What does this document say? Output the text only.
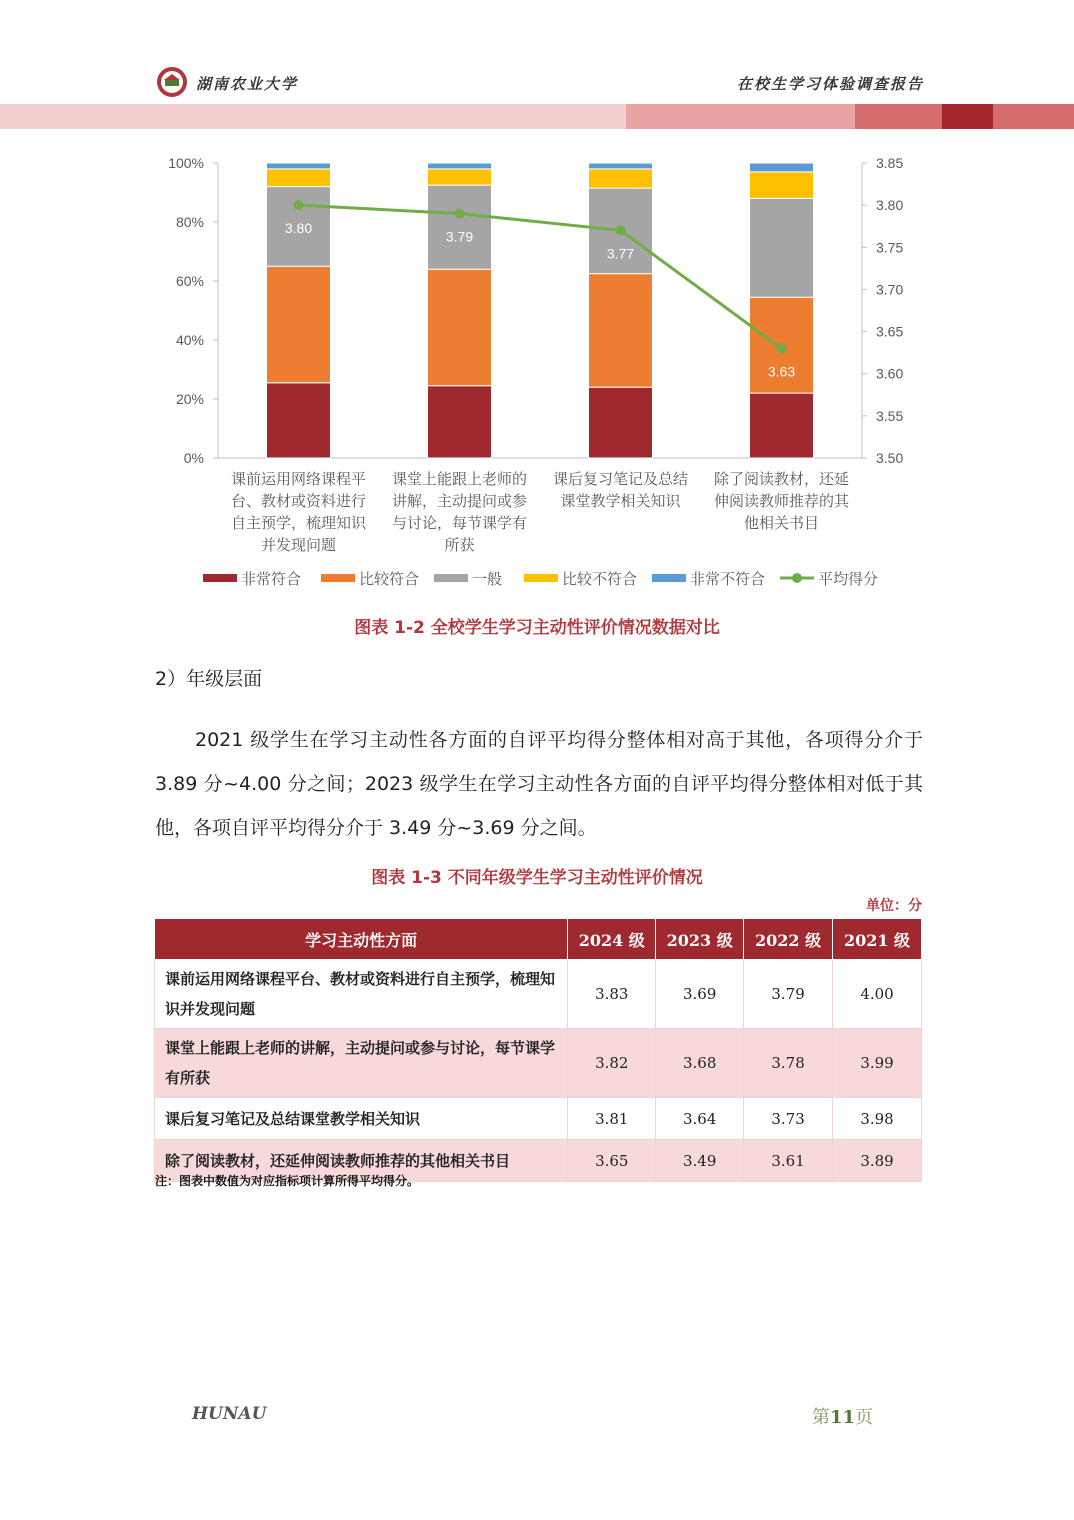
湖南农业大学	在校生学习体验调查报告
0%
20%
40%
60%
80%
100%
3.50
3.55
3.60
3.65
3.70
3.75
3.80
3.85
课前运用网络课程平
台、教材或资料进行
自主预学，梳理知识
并发现问题
课堂上能跟上老师的
讲解，主动提问或参
与讨论，每节课学有
所获
课后复习笔记及总结
课堂教学相关知识
除了阅读教材，还延
伸阅读教师推荐的其
他相关书目
3.80
3.79
3.77
3.63
非常符合	比较符合	一般	比较不符合	非常不符合	平均得分
图表 1-2 全校学生学习主动性评价情况数据对比
2）年级层面
2021 级学生在学习主动性各方面的自评平均得分整体相对高于其他，各项得分介于 3.89 分~4.00 分之间；2023 级学生在学习主动性各方面的自评平均得分整体相对低于其他，各项自评平均得分介于 3.49 分~3.69 分之间。
图表 1-3 不同年级学生学习主动性评价情况
单位：分
学习主动性方面	2024 级	2023 级	2022 级	2021 级
课前运用网络课程平台、教材或资料进行自主预学，梳理知识并发现问题	3.83	3.69	3.79	4.00
课堂上能跟上老师的讲解，主动提问或参与讨论，每节课学有所获	3.82	3.68	3.78	3.99
课后复习笔记及总结课堂教学相关知识	3.81	3.64	3.73	3.98
除了阅读教材，还延伸阅读教师推荐的其他相关书目	3.65	3.49	3.61	3.89
注：图表中数值为对应指标项计算所得平均得分。
HUNAU	第11页
